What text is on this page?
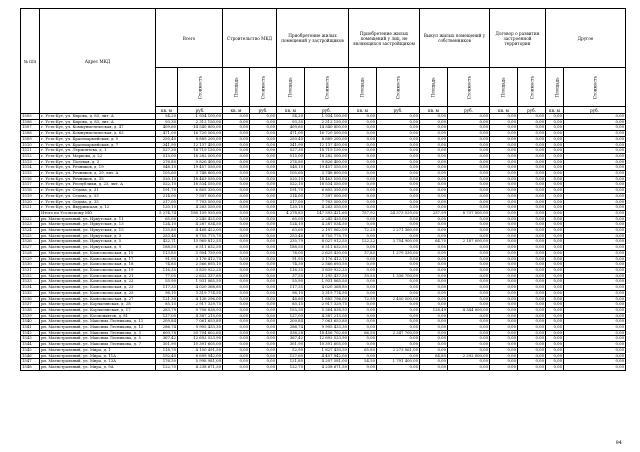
№ п/п	Адрес МКД	Всего		Строительство МКД		Приобретение жилых помещений у застройщиков		Приобретение жилых помещений у лиц, не являющихся застройщиком		Выкуп жилых помещений у собственников		Договор о развитии застроенной территории		Другое	
	Стоимость	Площадь	Стоимость	Площадь	Стоимость	Площадь	Стоимость	Площадь	Стоимость	Площадь	Стоимость	Площадь	Стоимость
		кв. м	руб.	кв. м	руб.	кв. м	руб.	кв. м	руб.	кв. м	руб.	кв. м	руб.	кв. м	руб.
1505	г. Усть-Кут, ул. Кирова, д. 83, лит. А	54,20	1 934 100,00	0,00	0,00	54,20	1 934 100,00	0,00	0,00	0,00	0,00	0,00	0,00	0,00	0,00
1506	г. Усть-Кут, ул. Кирова, д. 83, лит. А	93,30	2 312 150,00	0,00	0,00	93,30	2 312 150,00	0,00	0,00	0,00	0,00	0,00	0,00	0,00	0,00
1507	г. Усть-Кут, ул. Коммунистическая, д. 47	409,60	14 540 800,00	0,00	0,00	409,60	14 540 800,00	0,00	0,00	0,00	0,00	0,00	0,00	0,00	0,00
1508	г. Усть-Кут, ул. Коммунистическая, д. 63	471,00	16 720 500,00	0,00	0,00	471,00	16 720 500,00	0,00	0,00	0,00	0,00	0,00	0,00	0,00	0,00
1509	г. Усть-Кут, ул. Красноармейская, д. 5	250,40	8 889 200,00	0,00	0,00	250,40	8 889 200,00	0,00	0,00	0,00	0,00	0,00	0,00	0,00	0,00
1510	г. Усть-Кут, ул. Красноармейская, д. 7	341,90	12 137 450,00	0,00	0,00	341,90	12 137 450,00	0,00	0,00	0,00	0,00	0,00	0,00	0,00	0,00
1511	г. Усть-Кут, ул. Лермонтова, д. 1	527,30	18 719 150,00	0,00	0,00	527,30	18 719 150,00	0,00	0,00	0,00	0,00	0,00	0,00	0,00	0,00
1512	г. Усть-Кут, ул. Маркова, д. 22	515,00	18 282 500,00	0,00	0,00	515,00	18 282 500,00	0,00	0,00	0,00	0,00	0,00	0,00	0,00	0,00
1513	г. Усть-Кут, ул. Полевая, д. 3	276,80	9 826 400,00	0,00	0,00	276,80	9 826 400,00	0,00	0,00	0,00	0,00	0,00	0,00	0,00	0,00
1514	г. Усть-Кут, ул. Речников, д. 19	548,10	19 457 550,00	0,00	0,00	548,10	19 457 550,00	0,00	0,00	0,00	0,00	0,00	0,00	0,00	0,00
1515	г. Усть-Кут, ул. Речников, д. 29, лит. А	105,60	3 748 800,00	0,00	0,00	105,60	3 748 800,00	0,00	0,00	0,00	0,00	0,00	0,00	0,00	0,00
1516	г. Усть-Кут, ул. Речников, д. 35	520,10	18 463 550,00	0,00	0,00	520,10	18 463 550,00	0,00	0,00	0,00	0,00	0,00	0,00	0,00	0,00
1517	г. Усть-Кут, ул. Республики, д. 23, лит. А	522,10	18 534 550,00	0,00	0,00	522,10	18 534 550,00	0,00	0,00	0,00	0,00	0,00	0,00	0,00	0,00
1518	г. Усть-Кут, ул. Седова, д. 31	191,70	6 805 350,00	0,00	0,00	191,70	6 805 350,00	0,00	0,00	0,00	0,00	0,00	0,00	0,00	0,00
1519	г. Усть-Кут, ул. Седова, д. 33	214,00	7 597 000,00	0,00	0,00	214,00	7 597 000,00	0,00	0,00	0,00	0,00	0,00	0,00	0,00	0,00
1520	г. Усть-Кут, ул. Седова, д. 35	217,00	7 703 500,00	0,00	0,00	217,00	7 703 500,00	0,00	0,00	0,00	0,00	0,00	0,00	0,00	0,00
1521	г. Усть-Кут, ул. Якуримская, д. 12	120,10	4 263 550,00	0,00	0,00	120,10	4 263 550,00	0,00	0,00	0,00	0,00	0,00	0,00	0,00	0,00
	Итого по Усольскому МО	5 274,74	180 109 950,60	0,00	0,00	4 278,83	147 593 421,60	757,92	24 373 529,00	237,99	8 737 000,00	0,00	0,00	0,00	0,00
1522	рп. Магистральный, ул. Иркутская, д. 11	65,00	2 245 425,00	0,00	0,00	65,00	2 245 425,00	0,00	0,00	0,00	0,00	0,00	0,00	0,00	0,00
1523	рп. Магистральный, ул. Иркутская, д. 13	124,10	4 287 034,50	0,00	0,00	124,10	4 287 034,50	0,00	0,00	0,00	0,00	0,00	0,00	0,00	0,00
1524	рп. Магистральный, ул. Иркутская, д. 15	135,80	4 468 422,00	0,00	0,00	63,60	2 197 062,00	72,20	2 271 360,00	0,00	0,00	0,00	0,00	0,00	0,00
1525	рп. Магистральный, ул. Иркутская, д. 3	253,46	8 755 775,70	0,00	0,00	253,46	8 755 775,70	0,00	0,00	0,00	0,00	0,00	0,00	0,00	0,00
1526	рп. Магистральный, ул. Иркутская, д. 5	422,71	13 969 812,55	0,00	0,00	235,79	8 027 912,55	122,22	3 754 900,00	64,70	2 187 000,00	0,00	0,00	0,00	0,00
1527	рп. Магистральный, ул. Иркутская, д. 9	188,50	6 511 632,50	0,00	0,00	188,50	6 511 632,50	0,00	0,00	0,00	0,00	0,00	0,00	0,00	0,00
1528	рп. Магистральный, ул. Комсомольская, д. 15	113,85	3 904 750,00	0,00	0,00	76,00	2 625 420,00	37,85	1 279 330,00	0,00	0,00	0,00	0,00	0,00	0,00
1529	рп. Магистральный, ул. Комсомольская, д. 17	91,95	3 176 412,75	0,00	0,00	91,95	3 176 412,75	0,00	0,00	0,00	0,00	0,00	0,00	0,00	0,00
1530	рп. Магистральный, ул. Комсомольская, д. 18	74,85	2 566 693,10	0,00	0,00	74,30	2 566 693,50	0,00	0,00	0,00	0,00	0,00	0,00	0,00	0,00
1531	рп. Магистральный, ул. Комсомольская, д. 19	116,35	3 839 922,25	0,00	0,00	116,35	3 839 922,25	0,00	0,00	0,00	0,00	0,00	0,00	0,00	0,00
1532	рп. Магистральный, ул. Комсомольская, д. 21	77,05	2 632 337,60	0,00	0,00	37,50	1 295 437,50	39,55	1 336 700,00	0,00	0,00	0,00	0,00	0,00	0,00
1533	рп. Магистральный, ул. Комсомольская, д. 22	55,90	1 931 065,50	0,00	0,00	55,90	1 931 065,50	0,00	0,00	0,00	0,00	0,00	0,00	0,00	0,00
1534	рп. Магистральный, ул. Комсомольская, д. 23	117,35	4 020 368,80	0,00	0,00	117,35	4 020 368,80	0,00	0,00	0,00	0,00	0,00	0,00	0,00	0,00
1535	рп. Магистральный, ул. Комсомольская, д. 25	96,10	3 319 774,50	0,00	0,00	96,10	3 319 774,50	0,00	0,00	0,00	0,00	0,00	0,00	0,00	0,00
1536	рп. Магистральный, ул. Комсомольская, д. 27	121,30	4 136 296,00	0,00	0,00	48,80	1 685 796,00	72,50	2 450 500,00	0,00	0,00	0,00	0,00	0,00	0,00
1537	рп. Магистральный, ул. Корчагинская, д. 28	85,15	2 917 329,75	0,00	0,00	85,15	2 917 329,75	0,00	0,00	0,00	0,00	0,00	0,00	0,00	0,00
1538	рп. Магистральный, ул. Корчагинская, д. 17	283,79	9 708 838,93	0,00	0,00	155,30	5 364 838,93	0,00	0,00	128,49	4 344 000,00	0,00	0,00	0,00	0,00
1539	рп. Магистральный, ул. Космонавтов, д. 81	127,00	4 387 215,00	0,00	0,00	127,00	4 387 215,00	0,00	0,00	0,00	0,00	0,00	0,00	0,00	0,00
1540	рп. Магистральный, ул. Максима Лесникова, д. 11	209,84	7 061 653,80	0,00	0,00	209,84	7 061 653,80	0,00	0,00	0,00	0,00	0,00	0,00	0,00	0,00
1541	рп. Магистральный, ул. Максима Лесникова, д. 12	286,74	9 905 433,30	0,00	0,00	286,74	9 905 433,30	0,00	0,00	0,00	0,00	0,00	0,00	0,00	0,00
1542	рп. Магистральный, ул. Максима Лесникова, д. 3	600,78	20 704 602,60	0,00	0,00	536,28	18 456 702,60	66,50	2 247 700,00	0,00	0,00	0,00	0,00	0,00	0,00
1543	рп. Магистральный, ул. Максима Лесникова, д. 5	367,42	12 692 523,90	0,00	0,00	367,42	12 692 523,90	0,00	0,00	0,00	0,00	0,00	0,00	0,00	0,00
1544	рп. Магистральный, ул. Максима Лесникова, д. 7	301,90	10 391 605,00	0,00	0,00	301,90	10 391 605,00	0,00	0,00	0,00	0,00	0,00	0,00	0,00	0,00
1545	рп. Магистральный, ул. Мира, д. 1	118,70	4 100 491,50	0,00	0,00	52,90	1 827 430,50	65,80	2 273 061,00	0,00	0,00	0,00	0,00	0,00	0,00
1546	рп. Магистральный, ул. Мира, д. 11А	192,40	6 699 942,00	0,00	0,00	127,60	4 407 942,00	0,00	0,00	64,80	2 292 000,00	0,00	0,00	0,00	0,00
1547	рп. Магистральный, ул. Мира, д. 13А	176,30	5 998 981,00	0,00	0,00	121,80	4 207 581,00	54,50	1 791 400,00	0,00	0,00	0,00	0,00	0,00	0,00
1548	рп. Магистральный, ул. Мира, д. 9А	122,70	4 238 671,50	0,00	0,00	122,70	4 238 671,50	0,00	0,00	0,00	0,00	0,00	0,00	0,00	0,00
94
